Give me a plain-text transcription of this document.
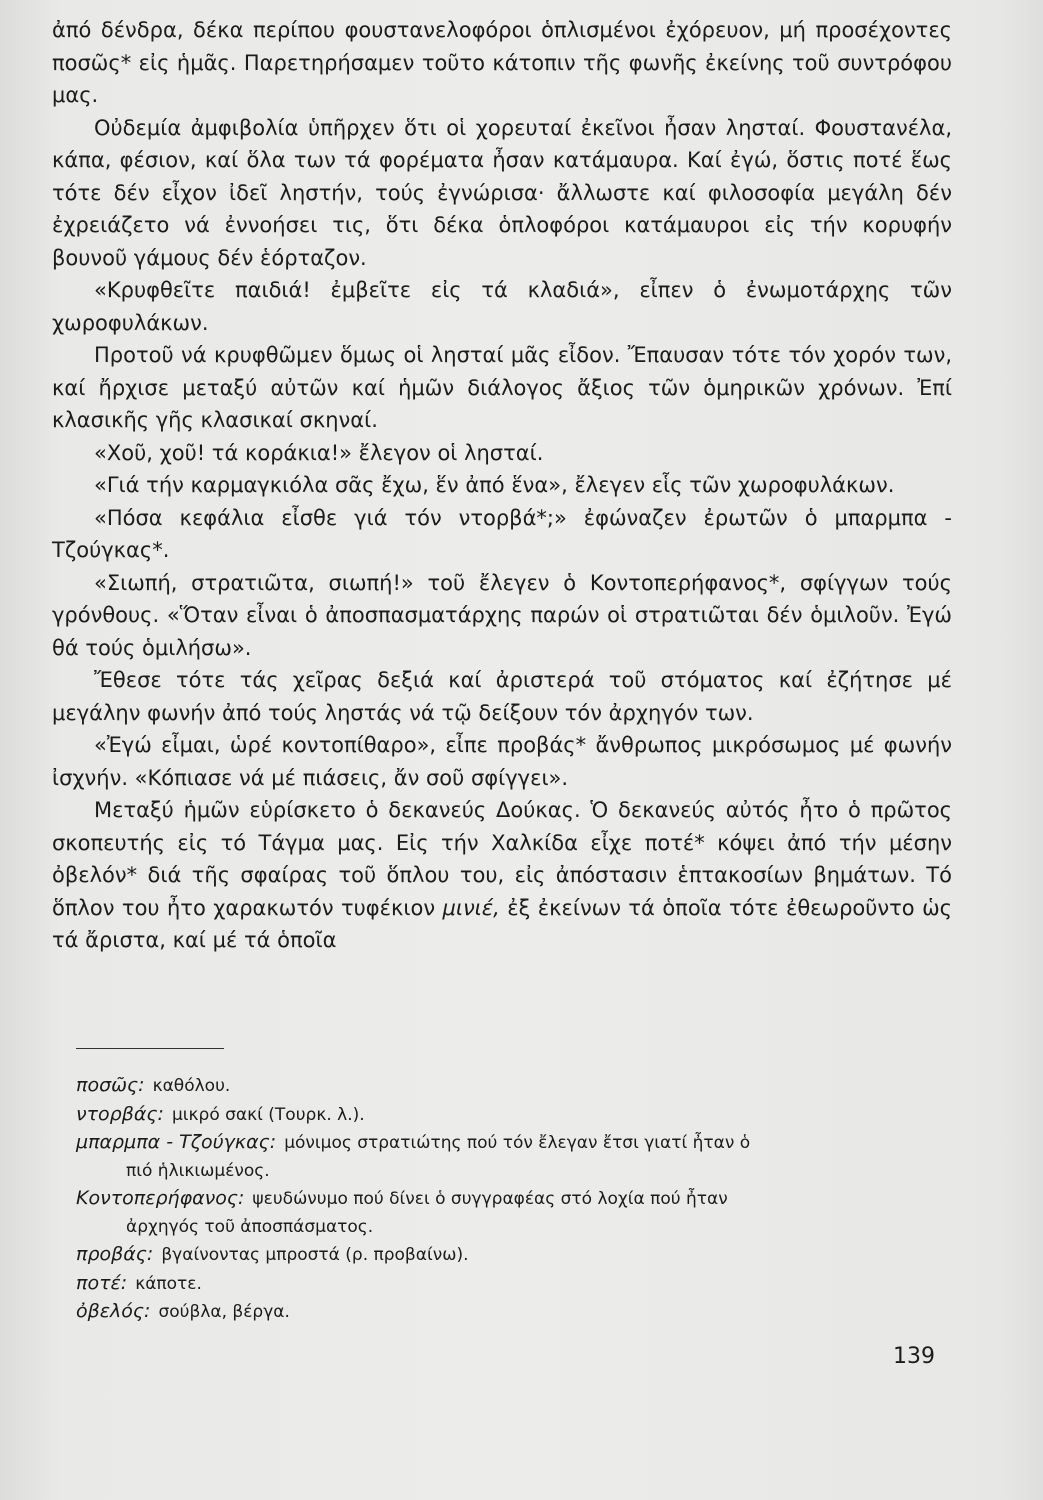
ἀπό δένδρα, δέκα περίπου φουστανελοφόροι ὁπλισμένοι ἐχόρευον, μή προσέχοντες ποσῶς* εἰς ἡμᾶς. Παρετηρήσαμεν τοῦτο κάτοπιν τῆς φωνῆς ἐκείνης τοῦ συντρόφου μας.

Οὐδεμία ἀμφιβολία ὑπῆρχεν ὅτι οἱ χορευταί ἐκεῖνοι ἦσαν λησταί. Φουστανέλα, κάπα, φέσιον, καί ὅλα των τά φορέματα ἦσαν κατάμαυρα. Καί ἐγώ, ὅστις ποτέ ἕως τότε δέν εἶχον ἰδεῖ ληστήν, τούς ἐγνώρισα· ἄλλωστε καί φιλοσοφία μεγάλη δέν ἐχρειάζετο νά ἐννοήσει τις, ὅτι δέκα ὁπλοφόροι κατάμαυροι εἰς τήν κορυφήν βουνοῦ γάμους δέν ἑόρταζον.

«Κρυφθεῖτε παιδιά! ἐμβεῖτε εἰς τά κλαδιά», εἶπεν ὁ ἐνωμοτάρχης τῶν χωροφυλάκων.

Προτοῦ νά κρυφθῶμεν ὅμως οἱ λησταί μᾶς εἶδον. Ἔπαυσαν τότε τόν χορόν των, καί ἤρχισε μεταξύ αὐτῶν καί ἡμῶν διάλογος ἄξιος τῶν ὁμηρικῶν χρόνων. Ἐπί κλασικῆς γῆς κλασικαί σκηναί.

«Χοῦ, χοῦ! τά κοράκια!» ἔλεγον οἱ λησταί.

«Γιά τήν καρμαγκιόλα σᾶς ἔχω, ἕν ἀπό ἕνα», ἔλεγεν εἷς τῶν χωροφυλάκων.

«Πόσα κεφάλια εἶσθε γιά τόν ντορβά*;» ἐφώναζεν ἐρωτῶν ὁ μπαρμπα - Τζούγκας*.

«Σιωπή, στρατιῶτα, σιωπή!» τοῦ ἔλεγεν ὁ Κοντοπερήφανος*, σφίγγων τούς γρόνθους. «Ὅταν εἶναι ὁ ἀποσπασματάρχης παρών οἱ στρατιῶται δέν ὁμιλοῦν. Ἐγώ θά τούς ὁμιλήσω».

Ἔθεσε τότε τάς χεῖρας δεξιά καί ἀριστερά τοῦ στόματος καί ἐζήτησε μέ μεγάλην φωνήν ἀπό τούς ληστάς νά τῷ δείξουν τόν ἀρχηγόν των.

«Ἐγώ εἶμαι, ὡρέ κοντοπίθαρο», εἶπε προβάς* ἄνθρωπος μικρόσωμος μέ φωνήν ἰσχνήν. «Κόπιασε νά μέ πιάσεις, ἄν σοῦ σφίγγει».

Μεταξύ ἡμῶν εὑρίσκετο ὁ δεκανεύς Δούκας. Ὁ δεκανεύς αὐτός ἦτο ὁ πρῶτος σκοπευτής εἰς τό Τάγμα μας. Εἰς τήν Χαλκίδα εἶχε ποτέ* κόψει ἀπό τήν μέσην ὀβελόν* διά τῆς σφαίρας τοῦ ὅπλου του, εἰς ἀπόστασιν ἑπτακοσίων βημάτων. Τό ὅπλον του ἦτο χαρακωτόν τυφέκιον μινιέ, ἐξ ἐκείνων τά ὁποῖα τότε ἐθεωροῦντο ὡς τά ἄριστα, καί μέ τά ὁποῖα

ποσῶς: καθόλου.

ντορβάς: μικρό σακί (Τουρκ. λ.).

μπαρμπα - Τζούγκας: μόνιμος στρατιώτης πού τόν ἔλεγαν ἔτσι γιατί ἦταν ὁ
πιό ἡλικιωμένος.

Κοντοπερήφανος: ψευδώνυμο πού δίνει ὁ συγγραφέας στό λοχία πού ἦταν
ἀρχηγός τοῦ ἀποσπάσματος.

προβάς: βγαίνοντας μπροστά (ρ. προβαίνω).

ποτέ: κάποτε.

ὀβελός: σούβλα, βέργα.

139
